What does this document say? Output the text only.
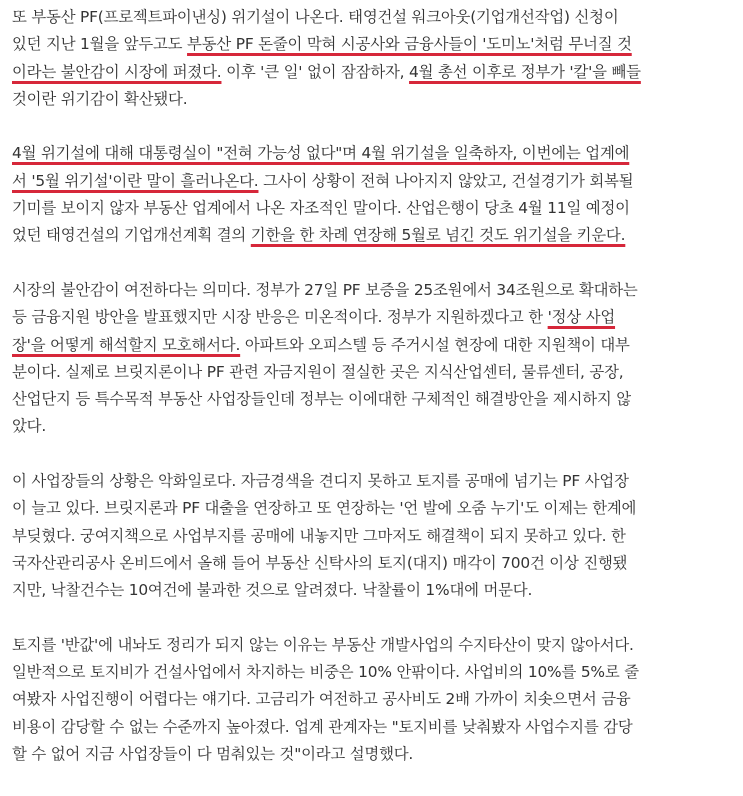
또 부동산 PF(프로젝트파이낸싱) 위기설이 나온다. 태영건설 워크아웃(기업개선작업) 신청이
있던 지난 1월을 앞두고도 부동산 PF 돈줄이 막혀 시공사와 금융사들이 '도미노'처럼 무너질 것
이라는 불안감이 시장에 퍼졌다. 이후 '큰 일' 없이 잠잠하자, 4월 총선 이후로 정부가 '칼'을 빼들
것이란 위기감이 확산됐다.
4월 위기설에 대해 대통령실이 "전혀 가능성 없다"며 4월 위기설을 일축하자, 이번에는 업계에
서 '5월 위기설'이란 말이 흘러나온다. 그사이 상황이 전혀 나아지지 않았고, 건설경기가 회복될
기미를 보이지 않자 부동산 업계에서 나온 자조적인 말이다. 산업은행이 당초 4월 11일 예정이
었던 태영건설의 기업개선계획 결의 기한을 한 차례 연장해 5월로 넘긴 것도 위기설을 키운다.
시장의 불안감이 여전하다는 의미다. 정부가 27일 PF 보증을 25조원에서 34조원으로 확대하는
등 금융지원 방안을 발표했지만 시장 반응은 미온적이다. 정부가 지원하겠다고 한 '정상 사업
장'을 어떻게 해석할지 모호해서다. 아파트와 오피스텔 등 주거시설 현장에 대한 지원책이 대부
분이다. 실제로 브릿지론이나 PF 관련 자금지원이 절실한 곳은 지식산업센터, 물류센터, 공장,
산업단지 등 특수목적 부동산 사업장들인데 정부는 이에대한 구체적인 해결방안을 제시하지 않
았다.
이 사업장들의 상황은 악화일로다. 자금경색을 견디지 못하고 토지를 공매에 넘기는 PF 사업장
이 늘고 있다. 브릿지론과 PF 대출을 연장하고 또 연장하는 '언 발에 오줌 누기'도 이제는 한계에
부딪혔다. 궁여지책으로 사업부지를 공매에 내놓지만 그마저도 해결책이 되지 못하고 있다. 한
국자산관리공사 온비드에서 올해 들어 부동산 신탁사의 토지(대지) 매각이 700건 이상 진행됐
지만, 낙찰건수는 10여건에 불과한 것으로 알려졌다. 낙찰률이 1%대에 머문다.
토지를 '반값'에 내놔도 정리가 되지 않는 이유는 부동산 개발사업의 수지타산이 맞지 않아서다.
일반적으로 토지비가 건설사업에서 차지하는 비중은 10% 안팎이다. 사업비의 10%를 5%로 줄
여봤자 사업진행이 어렵다는 얘기다. 고금리가 여전하고 공사비도 2배 가까이 치솟으면서 금융
비용이 감당할 수 없는 수준까지 높아졌다. 업계 관계자는 "토지비를 낮춰봤자 사업수지를 감당
할 수 없어 지금 사업장들이 다 멈춰있는 것"이라고 설명했다.
